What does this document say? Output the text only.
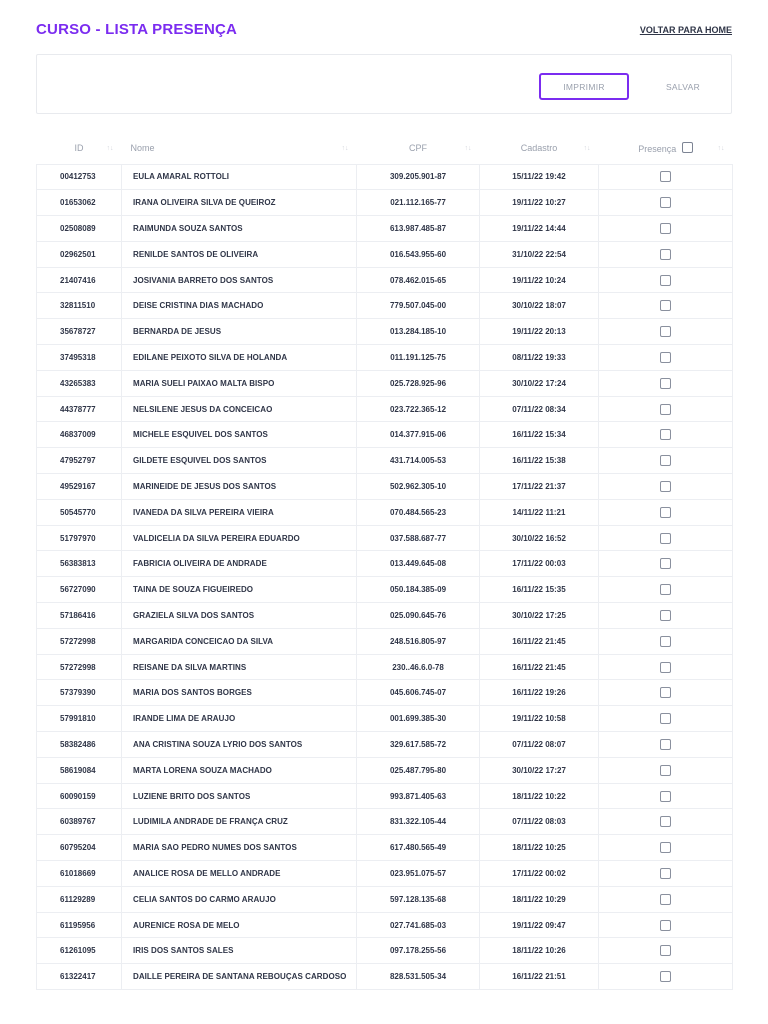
CURSO - LISTA PRESENÇA	VOLTAR PARA HOME
IMPRIMIR	SALVAR
ID ↑↓	Nome ↑↓	CPF ↑↓	Cadastro ↑↓	Presença ↑↓

00412753	EULA AMARAL ROTTOLI	309.205.901-87	15/11/22 19:42	
01653062	IRANA OLIVEIRA SILVA DE QUEIROZ	021.112.165-77	19/11/22 10:27	
02508089	RAIMUNDA SOUZA SANTOS	613.987.485-87	19/11/22 14:44	
02962501	RENILDE SANTOS DE OLIVEIRA	016.543.955-60	31/10/22 22:54	
21407416	JOSIVANIA BARRETO DOS SANTOS	078.462.015-65	19/11/22 10:24	
32811510	DEISE CRISTINA DIAS MACHADO	779.507.045-00	30/10/22 18:07	
35678727	BERNARDA DE JESUS	013.284.185-10	19/11/22 20:13	
37495318	EDILANE PEIXOTO SILVA DE HOLANDA	011.191.125-75	08/11/22 19:33	
43265383	MARIA SUELI PAIXAO MALTA BISPO	025.728.925-96	30/10/22 17:24	
44378777	NELSILENE JESUS DA CONCEICAO	023.722.365-12	07/11/22 08:34	
46837009	MICHELE ESQUIVEL DOS SANTOS	014.377.915-06	16/11/22 15:34	
47952797	GILDETE ESQUIVEL DOS SANTOS	431.714.005-53	16/11/22 15:38	
49529167	MARINEIDE DE JESUS DOS SANTOS	502.962.305-10	17/11/22 21:37	
50545770	IVANEDA DA SILVA PEREIRA VIEIRA	070.484.565-23	14/11/22 11:21	
51797970	VALDICELIA DA SILVA PEREIRA EDUARDO	037.588.687-77	30/10/22 16:52	
56383813	FABRICIA OLIVEIRA DE ANDRADE	013.449.645-08	17/11/22 00:03	
56727090	TAINA DE SOUZA FIGUEIREDO	050.184.385-09	16/11/22 15:35	
57186416	GRAZIELA SILVA DOS SANTOS	025.090.645-76	30/10/22 17:25	
57272998	MARGARIDA CONCEICAO DA SILVA	248.516.805-97	16/11/22 21:45	
57272998	REISANE DA SILVA MARTINS	230..46.6.0-78	16/11/22 21:45	
57379390	MARIA DOS SANTOS BORGES	045.606.745-07	16/11/22 19:26	
57991810	IRANDE LIMA DE ARAUJO	001.699.385-30	19/11/22 10:58	
58382486	ANA CRISTINA SOUZA LYRIO DOS SANTOS	329.617.585-72	07/11/22 08:07	
58619084	MARTA LORENA SOUZA MACHADO	025.487.795-80	30/10/22 17:27	
60090159	LUZIENE BRITO DOS SANTOS	993.871.405-63	18/11/22 10:22	
60389767	LUDIMILA ANDRADE DE FRANÇA CRUZ	831.322.105-44	07/11/22 08:03	
60795204	MARIA SAO PEDRO NUMES DOS SANTOS	617.480.565-49	18/11/22 10:25	
61018669	ANALICE ROSA DE MELLO ANDRADE	023.951.075-57	17/11/22 00:02	
61129289	CELIA SANTOS DO CARMO ARAUJO	597.128.135-68	18/11/22 10:29	
61195956	AURENICE ROSA DE MELO	027.741.685-03	19/11/22 09:47	
61261095	IRIS DOS SANTOS SALES	097.178.255-56	18/11/22 10:26	
61322417	DAILLE PEREIRA DE SANTANA REBOUÇAS CARDOSO	828.531.505-34	16/11/22 21:51	
